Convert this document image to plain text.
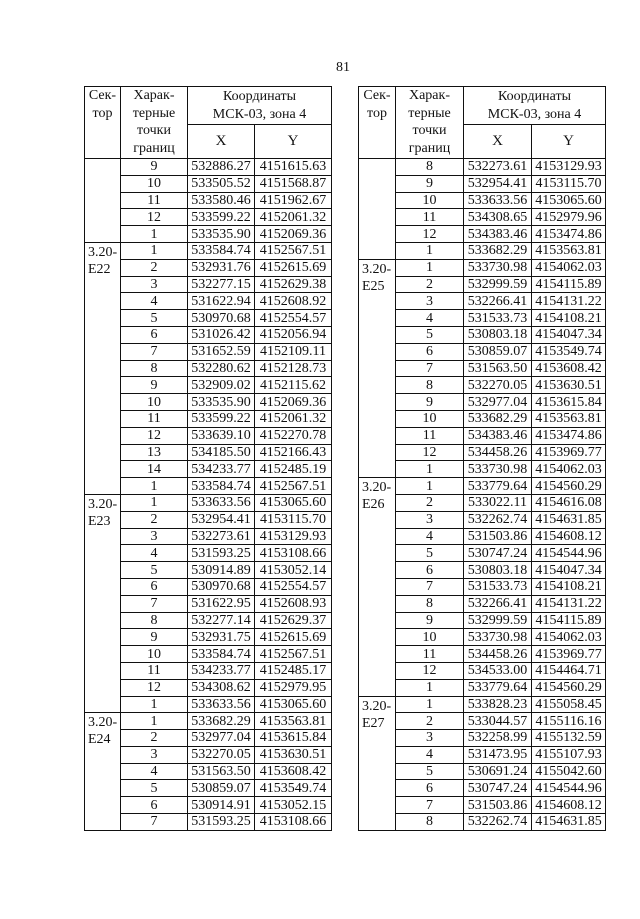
81
Сек-
тор	Харак-
терные
точки
границ	Координаты
МСК-03, зона 4	

		X	Y
	9	532886.27	4151615.63
	10	533505.52	4151568.87
	11	533580.46	4151962.67
	12	533599.22	4152061.32
	1	533535.90	4152069.36

3.20-
E22	1	533584.74	4152567.51
	2	532931.76	4152615.69
	3	532277.15	4152629.38
	4	531622.94	4152608.92
	5	530970.68	4152554.57
	6	531026.42	4152056.94
	7	531652.59	4152109.11
	8	532280.62	4152128.73
	9	532909.02	4152115.62
	10	533535.90	4152069.36
	11	533599.22	4152061.32
	12	533639.10	4152270.78
	13	534185.50	4152166.43
	14	534233.77	4152485.19
	1	533584.74	4152567.51

3.20-
E23	1	533633.56	4153065.60
	2	532954.41	4153115.70
	3	532273.61	4153129.93
	4	531593.25	4153108.66
	5	530914.89	4153052.14
	6	530970.68	4152554.57
	7	531622.95	4152608.93
	8	532277.14	4152629.37
	9	532931.75	4152615.69
	10	533584.74	4152567.51
	11	534233.77	4152485.17
	12	534308.62	4152979.95
	1	533633.56	4153065.60

3.20-
E24	1	533682.29	4153563.81
	2	532977.04	4153615.84
	3	532270.05	4153630.51
	4	531563.50	4153608.42
	5	530859.07	4153549.74
	6	530914.91	4153052.15
	7	531593.25	4153108.66
Сек-
тор	Харак-
терные
точки
границ	Координаты
МСК-03, зона 4	

		X	Y
	8	532273.61	4153129.93
	9	532954.41	4153115.70
	10	533633.56	4153065.60
	11	534308.65	4152979.96
	12	534383.46	4153474.86
	1	533682.29	4153563.81

3.20-
E25	1	533730.98	4154062.03
	2	532999.59	4154115.89
	3	532266.41	4154131.22
	4	531533.73	4154108.21
	5	530803.18	4154047.34
	6	530859.07	4153549.74
	7	531563.50	4153608.42
	8	532270.05	4153630.51
	9	532977.04	4153615.84
	10	533682.29	4153563.81
	11	534383.46	4153474.86
	12	534458.26	4153969.77
	1	533730.98	4154062.03

3.20-
E26	1	533779.64	4154560.29
	2	533022.11	4154616.08
	3	532262.74	4154631.85
	4	531503.86	4154608.12
	5	530747.24	4154544.96
	6	530803.18	4154047.34
	7	531533.73	4154108.21
	8	532266.41	4154131.22
	9	532999.59	4154115.89
	10	533730.98	4154062.03
	11	534458.26	4153969.77
	12	534533.00	4154464.71
	1	533779.64	4154560.29

3.20-
E27	1	533828.23	4155058.45
	2	533044.57	4155116.16
	3	532258.99	4155132.59
	4	531473.95	4155107.93
	5	530691.24	4155042.60
	6	530747.24	4154544.96
	7	531503.86	4154608.12
	8	532262.74	4154631.85
